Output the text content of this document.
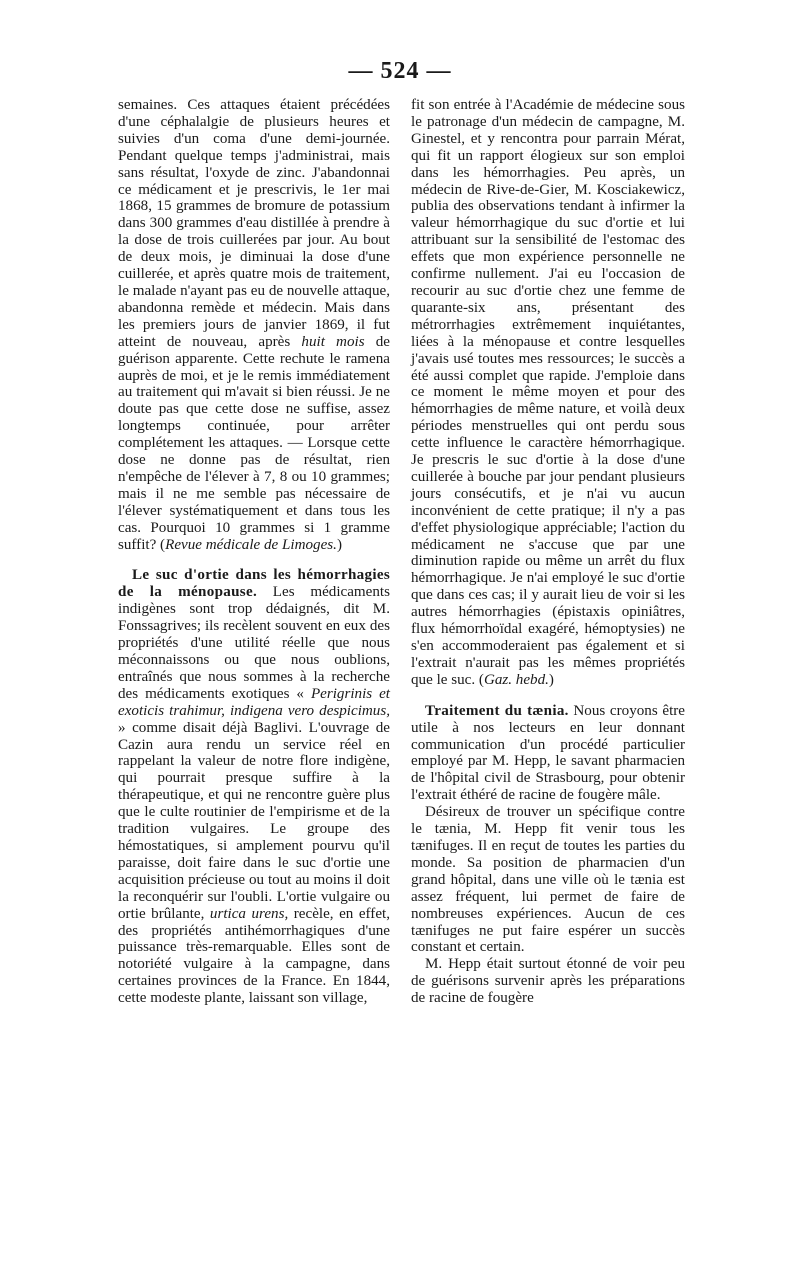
— 524 —

semaines. Ces attaques étaient précédées d'une céphalalgie de plusieurs heures et suivies d'un coma d'une demi-journée. Pendant quelque temps j'administrai, mais sans résultat, l'oxyde de zinc. J'abandonnai ce médicament et je prescrivis, le 1er mai 1868, 15 grammes de bromure de potassium dans 300 grammes d'eau distillée à prendre à la dose de trois cuillerées par jour. Au bout de deux mois, je diminuai la dose d'une cuillerée, et après quatre mois de traitement, le malade n'ayant pas eu de nouvelle attaque, abandonna remède et médecin. Mais dans les premiers jours de janvier 1869, il fut atteint de nouveau, après huit mois de guérison apparente. Cette rechute le ramena auprès de moi, et je le remis immédiatement au traitement qui m'avait si bien réussi. Je ne doute pas que cette dose ne suffise, assez longtemps continuée, pour arrêter complétement les attaques. — Lorsque cette dose ne donne pas de résultat, rien n'empêche de l'élever à 7, 8 ou 10 grammes; mais il ne me semble pas nécessaire de l'élever systématiquement et dans tous les cas. Pourquoi 10 grammes si 1 gramme suffit? (Revue médicale de Limoges.)

Le suc d'ortie dans les hémorrhagies de la ménopause. Les médicaments indigènes sont trop dédaignés, dit M. Fonssagrives; ils recèlent souvent en eux des propriétés d'une utilité réelle que nous méconnaissons ou que nous oublions, entraînés que nous sommes à la recherche des médicaments exotiques « Perigrinis et exoticis trahimur, indigena vero despicimus, » comme disait déjà Baglivi. L'ouvrage de Cazin aura rendu un service réel en rappelant la valeur de notre flore indigène, qui pourrait presque suffire à la thérapeutique, et qui ne rencontre guère plus que le culte routinier de l'empirisme et de la tradition vulgaires. Le groupe des hémostatiques, si amplement pourvu qu'il paraisse, doit faire dans le suc d'ortie une acquisition précieuse ou tout au moins il doit la reconquérir sur l'oubli. L'ortie vulgaire ou ortie brûlante, urtica urens, recèle, en effet, des propriétés antihémorrhagiques d'une puissance très-remarquable. Elles sont de notoriété vulgaire à la campagne, dans certaines provinces de la France. En 1844, cette modeste plante, laissant son village,

fit son entrée à l'Académie de médecine sous le patronage d'un médecin de campagne, M. Ginestel, et y rencontra pour parrain Mérat, qui fit un rapport élogieux sur son emploi dans les hémorrhagies. Peu après, un médecin de Rive-de-Gier, M. Kosciakewicz, publia des observations tendant à infirmer la valeur hémorrhagique du suc d'ortie et lui attribuant sur la sensibilité de l'estomac des effets que mon expérience personnelle ne confirme nullement. J'ai eu l'occasion de recourir au suc d'ortie chez une femme de quarante-six ans, présentant des métrorrhagies extrêmement inquiétantes, liées à la ménopause et contre lesquelles j'avais usé toutes mes ressources; le succès a été aussi complet que rapide. J'emploie dans ce moment le même moyen et pour des hémorrhagies de même nature, et voilà deux périodes menstruelles qui ont perdu sous cette influence le caractère hémorrhagique. Je prescris le suc d'ortie à la dose d'une cuillerée à bouche par jour pendant plusieurs jours consécutifs, et je n'ai vu aucun inconvénient de cette pratique; il n'y a pas d'effet physiologique appréciable; l'action du médicament ne s'accuse que par une diminution rapide ou même un arrêt du flux hémorrhagique. Je n'ai employé le suc d'ortie que dans ces cas; il y aurait lieu de voir si les autres hémorrhagies (épistaxis opiniâtres, flux hémorrhoïdal exagéré, hémoptysies) ne s'en accommoderaient pas également et si l'extrait n'aurait pas les mêmes propriétés que le suc. (Gaz. hebd.)

Traitement du tænia. Nous croyons être utile à nos lecteurs en leur donnant communication d'un procédé particulier employé par M. Hepp, le savant pharmacien de l'hôpital civil de Strasbourg, pour obtenir l'extrait éthéré de racine de fougère mâle.

Désireux de trouver un spécifique contre le tænia, M. Hepp fit venir tous les tænifuges. Il en reçut de toutes les parties du monde. Sa position de pharmacien d'un grand hôpital, dans une ville où le tænia est assez fréquent, lui permet de faire de nombreuses expériences. Aucun de ces tænifuges ne put faire espérer un succès constant et certain.

M. Hepp était surtout étonné de voir peu de guérisons survenir après les préparations de racine de fougère
